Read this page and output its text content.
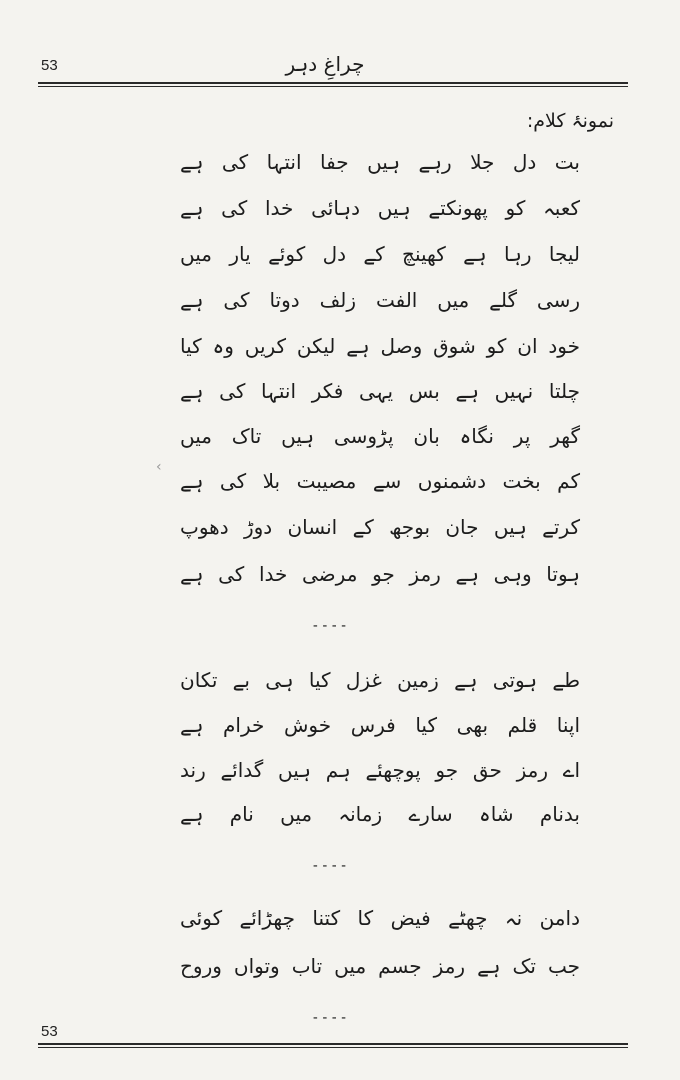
53	چراغِ دہر
نمونۂ کلام:
بت دل جلا رہے ہیں جفا انتہا کی ہے
کعبہ کو پھونکتے ہیں دہائی خدا کی ہے
لیجا رہا ہے کھینچ کے دل کوئے یار میں
رسی گلے میں الفت زلف دوتا کی ہے
خود ان کو شوق وصل ہے لیکن کریں وہ کیا
چلتا نہیں ہے بس یہی فکر انتہا کی ہے
گھر پر نگاہ بان پڑوسی ہیں تاک میں
کم بخت دشمنوں سے مصیبت بلا کی ہے
کرتے ہیں جان بوجھ کے انسان دوڑ دھوپ
ہوتا وہی ہے رمز جو مرضی خدا کی ہے
----
‹
طے ہوتی ہے زمین غزل کیا ہی بے تکان
اپنا قلم بھی کیا فرس خوش خرام ہے
اے رمز حق جو پوچھئے ہم ہیں گدائے رند
بدنام شاہ سارے زمانہ میں نام ہے
----
دامن نہ چھٹے فیض کا کتنا چھڑائے کوئی
جب تک ہے رمز جسم میں تاب وتواں وروح
----
53
